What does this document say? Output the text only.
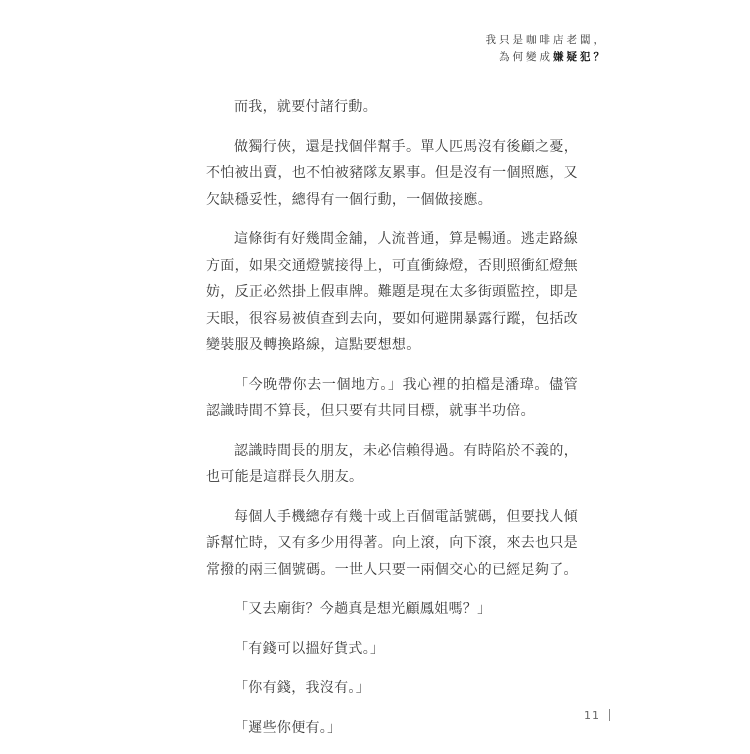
我只是咖啡店老闆，
為何變成嫌疑犯？

而我，就要付諸行動。

做獨行俠，還是找個伴幫手。單人匹馬沒有後顧之憂，不怕被出賣，也不怕被豬隊友累事。但是沒有一個照應，又欠缺穩妥性，總得有一個行動，一個做接應。

這條街有好幾間金舖，人流普通，算是暢通。逃走路線方面，如果交通燈號接得上，可直衝綠燈，否則照衝紅燈無妨，反正必然掛上假車牌。難題是現在太多街頭監控，即是天眼，很容易被偵查到去向，要如何避開暴露行蹤，包括改變裝服及轉換路線，這點要想想。

「今晚帶你去一個地方。」我心裡的拍檔是潘瑋。儘管認識時間不算長，但只要有共同目標，就事半功倍。

認識時間長的朋友，未必信賴得過。有時陷於不義的，也可能是這群長久朋友。

每個人手機總存有幾十或上百個電話號碼，但要找人傾訴幫忙時，又有多少用得著。向上滾，向下滾，來去也只是常撥的兩三個號碼。一世人只要一兩個交心的已經足夠了。

「又去廟街？今趟真是想光顧鳳姐嗎？」

「有錢可以搵好貨式。」

「你有錢，我沒有。」

「遲些你便有。」

11
